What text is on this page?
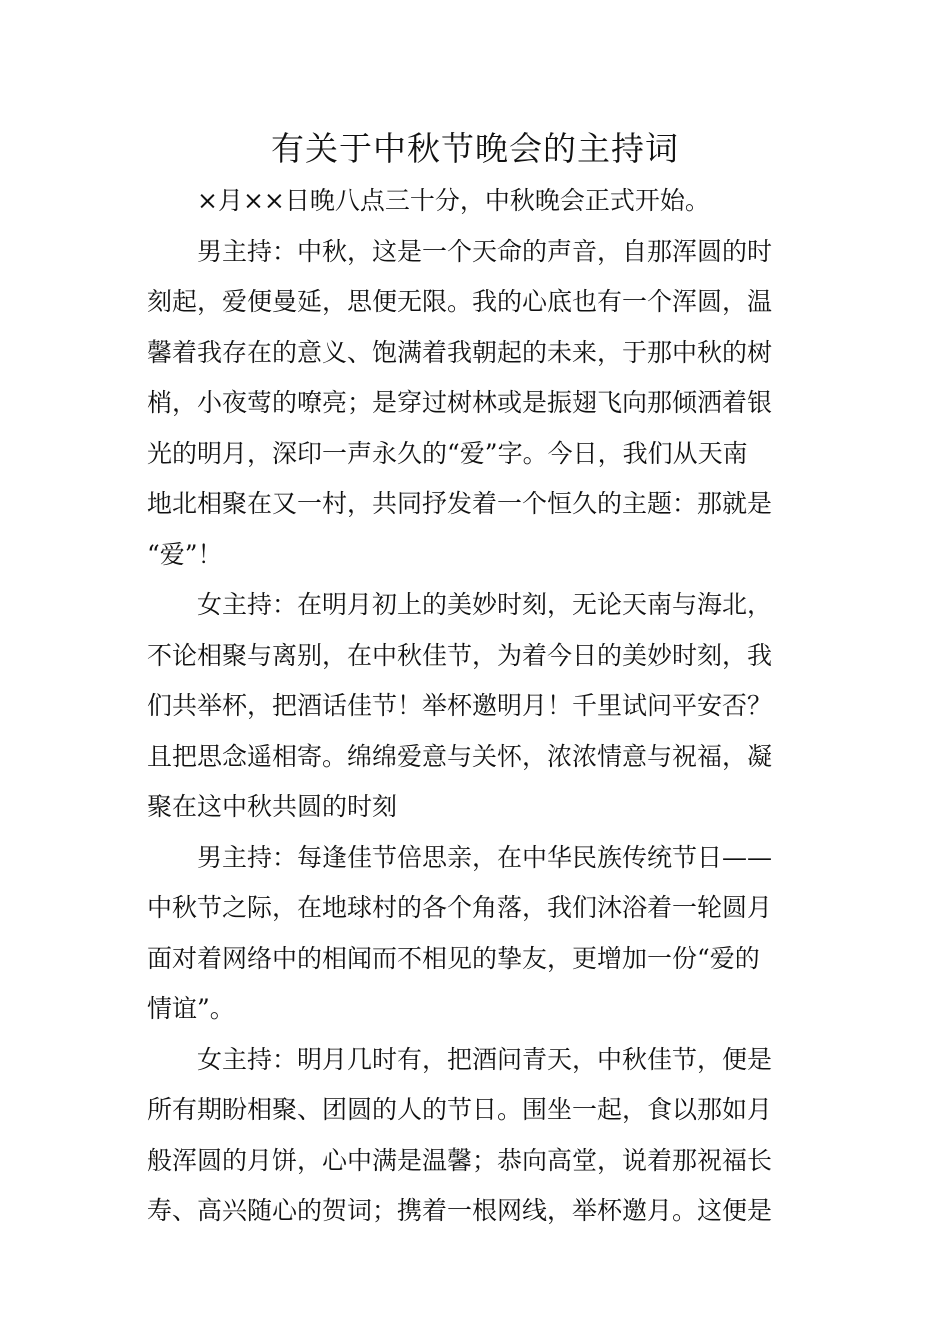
有关于中秋节晚会的主持词

×月××日晚八点三十分，中秋晚会正式开始。

男主持：中秋，这是一个天命的声音，自那浑圆的时
刻起，爱便曼延，思便无限。我的心底也有一个浑圆，温
馨着我存在的意义、饱满着我朝起的未来，于那中秋的树
梢，小夜莺的嘹亮；是穿过树林或是振翅飞向那倾洒着银
光的明月，深印一声永久的“爱”字。今日，我们从天南
地北相聚在又一村，共同抒发着一个恒久的主题：那就是
“爱”！

女主持：在明月初上的美妙时刻，无论天南与海北，
不论相聚与离别，在中秋佳节，为着今日的美妙时刻，我
们共举杯，把酒话佳节！举杯邀明月！千里试问平安否？
且把思念遥相寄。绵绵爱意与关怀，浓浓情意与祝福，凝
聚在这中秋共圆的时刻

男主持：每逢佳节倍思亲，在中华民族传统节日——
中秋节之际，在地球村的各个角落，我们沐浴着一轮圆月
面对着网络中的相闻而不相见的挚友，更增加一份“爱的
情谊”。

女主持：明月几时有，把酒问青天，中秋佳节，便是
所有期盼相聚、团圆的人的节日。围坐一起，食以那如月
般浑圆的月饼，心中满是温馨；恭向高堂，说着那祝福长
寿、高兴随心的贺词；携着一根网线，举杯邀月。这便是
